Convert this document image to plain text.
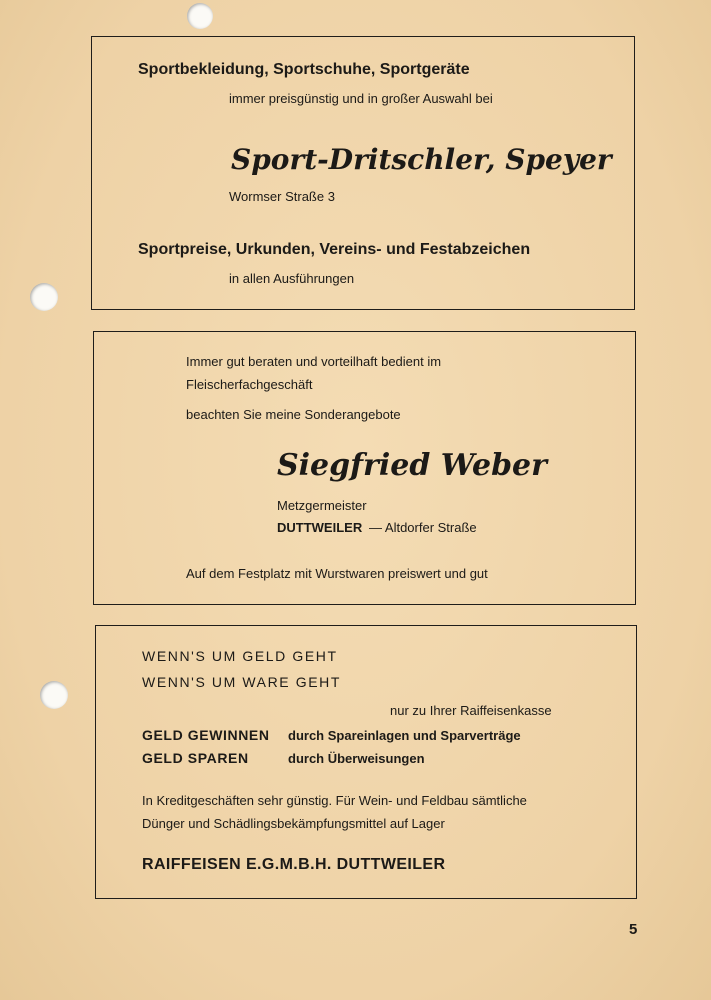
Sportbekleidung, Sportschuhe, Sportgeräte
immer preisgünstig und in großer Auswahl bei
Sport-Dritschler, Speyer
Wormser Straße 3
Sportpreise, Urkunden, Vereins- und Festabzeichen
in allen Ausführungen
Immer gut beraten und vorteilhaft bedient im
Fleischerfachgeschäft
beachten Sie meine Sonderangebote
Siegfried Weber
Metzgermeister
DUTTWEILER — Altdorfer Straße
Auf dem Festplatz mit Wurstwaren preiswert und gut
WENN'S UM GELD GEHT
WENN'S UM WARE GEHT
nur zu Ihrer Raiffeisenkasse
GELD GEWINNEN durch Spareinlagen und Sparverträge
GELD SPAREN	durch Überweisungen
In Kreditgeschäften sehr günstig. Für Wein- und Feldbau sämtliche
Dünger und Schädlingsbekämpfungsmittel auf Lager
RAIFFEISEN E.G.M.B.H. DUTTWEILER
5
